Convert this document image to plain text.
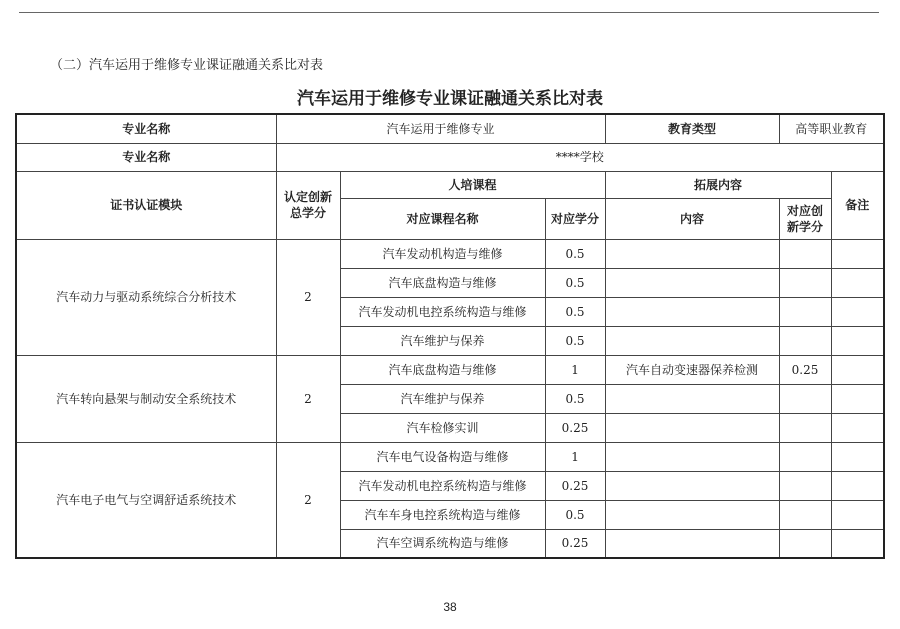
（二）汽车运用于维修专业课证融通关系比对表
汽车运用于维修专业课证融通关系比对表
专业名称	汽车运用于维修专业			教育类型	高等职业教育	
专业名称	****学校					
证书认证模块	认定创新总学分	人培课程		拓展内容		备注
		对应课程名称	对应学分	内容	对应创新学分	
汽车动力与驱动系统综合分析技术	2	汽车发动机构造与维修	0.5			
		汽车底盘构造与维修	0.5			
		汽车发动机电控系统构造与维修	0.5			
		汽车维护与保养	0.5			
汽车转向悬架与制动安全系统技术	2	汽车底盘构造与维修	1	汽车自动变速器保养检测	0.25	
		汽车维护与保养	0.5			
		汽车检修实训	0.25			
汽车电子电气与空调舒适系统技术	2	汽车电气设备构造与维修	1			
		汽车发动机电控系统构造与维修	0.25			
		汽车车身电控系统构造与维修	0.5			
		汽车空调系统构造与维修	0.25			
38
